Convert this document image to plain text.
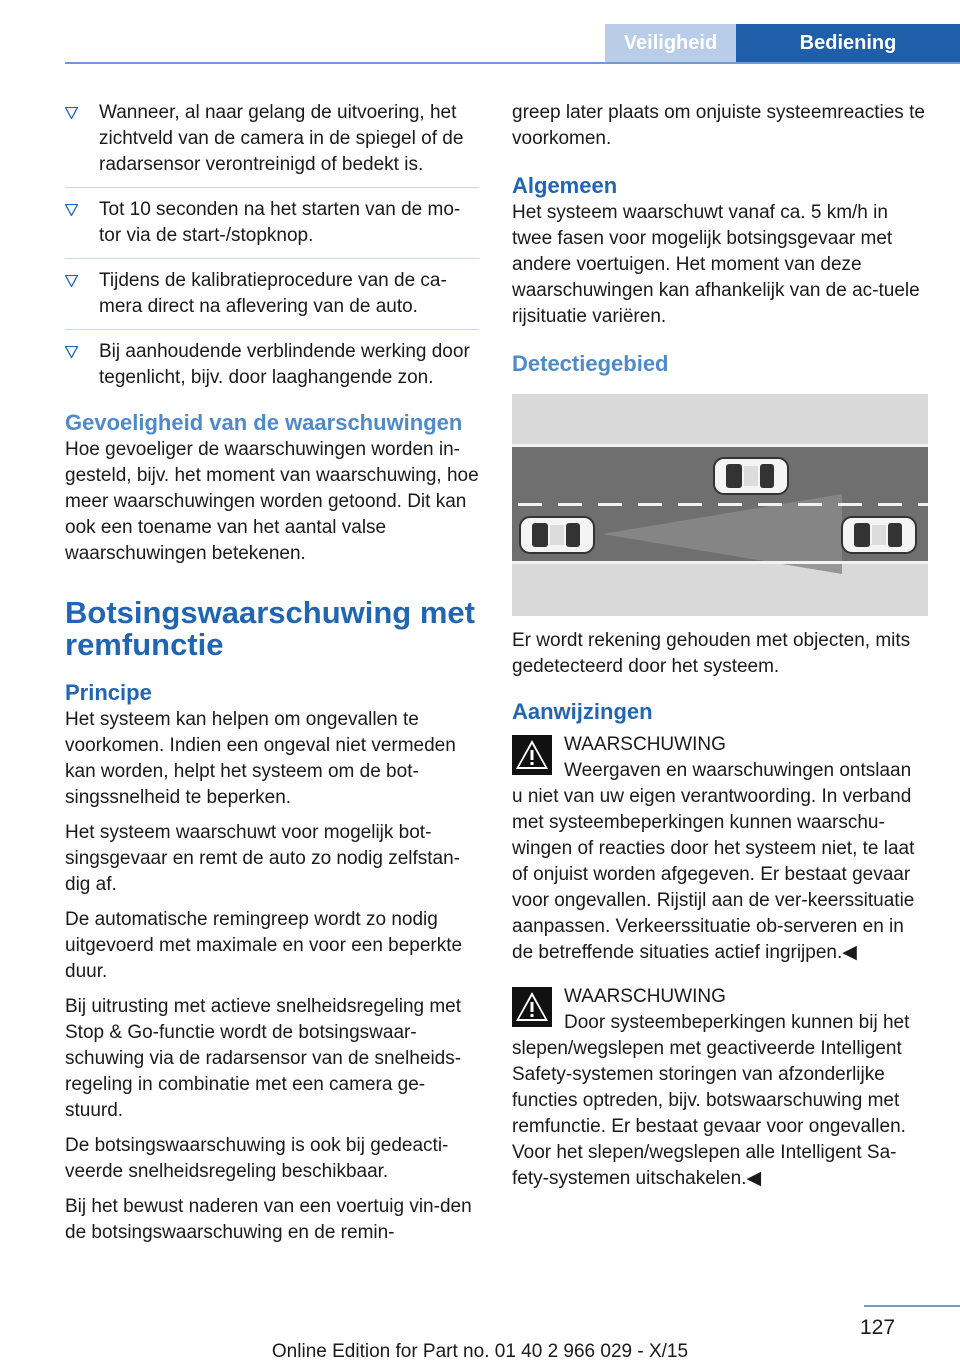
Veiligheid	Bediening
Wanneer, al naar gelang de uitvoering, het zichtveld van de camera in de spiegel of de radarsensor verontreinigd of bedekt is.
Tot 10 seconden na het starten van de mo-tor via de start-/stopknop.
Tijdens de kalibratieprocedure van de ca-mera direct na aflevering van de auto.
Bij aanhoudende verblindende werking door tegenlicht, bijv. door laaghangende zon.
Gevoeligheid van de waarschuwingen
Hoe gevoeliger de waarschuwingen worden in-gesteld, bijv. het moment van waarschuwing, hoe meer waarschuwingen worden getoond. Dit kan ook een toename van het aantal valse waarschuwingen betekenen.
Botsingswaarschuwing met remfunctie
Principe
Het systeem kan helpen om ongevallen te voorkomen. Indien een ongeval niet vermeden kan worden, helpt het systeem om de bot-singssnelheid te beperken.
Het systeem waarschuwt voor mogelijk bot-singsgevaar en remt de auto zo nodig zelfstan-dig af.
De automatische remingreep wordt zo nodig uitgevoerd met maximale en voor een beperkte duur.
Bij uitrusting met actieve snelheidsregeling met Stop & Go-functie wordt de botsingswaar-schuwing via de radarsensor van de snelheids-regeling in combinatie met een camera ge-stuurd.
De botsingswaarschuwing is ook bij gedeacti-veerde snelheidsregeling beschikbaar.
Bij het bewust naderen van een voertuig vin-den de botsingswaarschuwing en de remin-
greep later plaats om onjuiste systeemreacties te voorkomen.
Algemeen
Het systeem waarschuwt vanaf ca. 5 km/h in twee fasen voor mogelijk botsingsgevaar met andere voertuigen. Het moment van deze waarschuwingen kan afhankelijk van de ac-tuele rijsituatie variëren.
Detectiegebied
Er wordt rekening gehouden met objecten, mits gedetecteerd door het systeem.
Aanwijzingen
WAARSCHUWING
Weergaven en waarschuwingen ontslaan
u niet van uw eigen verantwoording. In verband met systeembeperkingen kunnen waarschu-wingen of reacties door het systeem niet, te laat of onjuist worden afgegeven. Er bestaat gevaar voor ongevallen. Rijstijl aan de ver-keerssituatie aanpassen. Verkeerssituatie ob-serveren en in de betreffende situaties actief ingrijpen.◀
WAARSCHUWING
Door systeembeperkingen kunnen bij het
slepen/wegslepen met geactiveerde Intelligent Safety-systemen storingen van afzonderlijke functies optreden, bijv. botswaarschuwing met remfunctie. Er bestaat gevaar voor ongevallen. Voor het slepen/wegslepen alle Intelligent Sa-fety-systemen uitschakelen.◀
127
Online Edition for Part no. 01 40 2 966 029 - X/15
